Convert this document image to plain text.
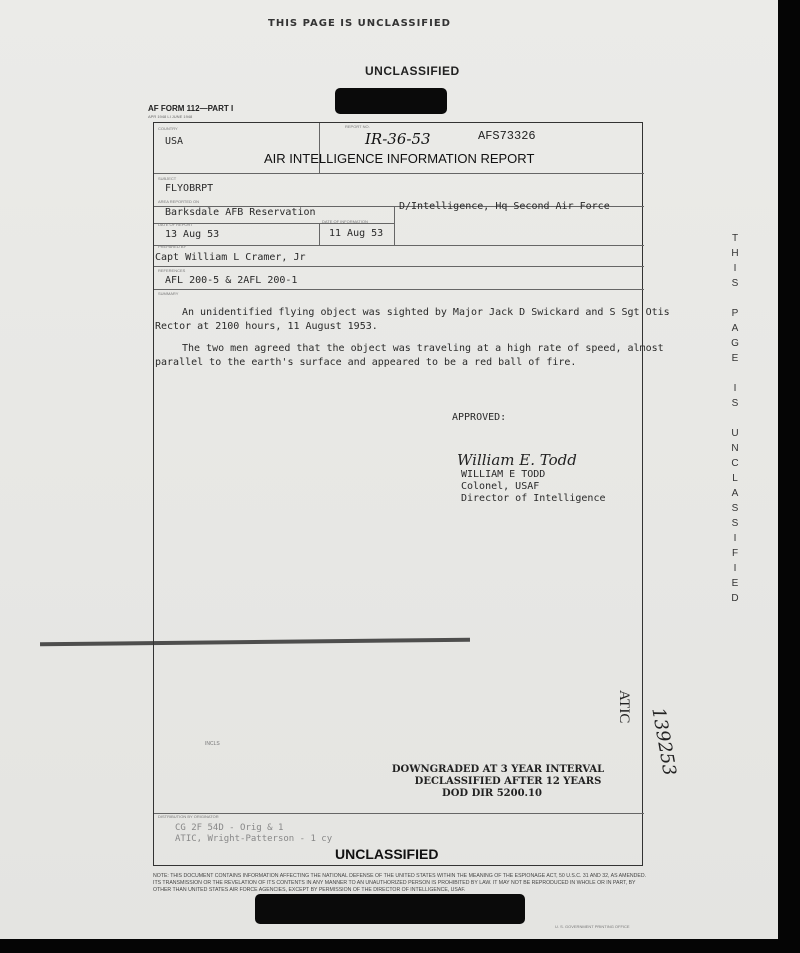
THIS PAGE IS UNCLASSIFIED
UNCLASSIFIED
AF FORM 112—PART I
APR 1948 LI JUNE 1948
COUNTRY
USA
REPORT NO.
IR-36-53	AFS73326
AIR INTELLIGENCE INFORMATION REPORT
SUBJECT
FLYOBRPT
AREA REPORTED ON
Barksdale AFB Reservation
D/Intelligence, Hq Second Air Force
DATE OF REPORT
13 Aug 53
DATE OF INFORMATION
11 Aug 53
PREPARED BY
Capt William L Cramer, Jr
REFERENCES
AFL 200-5 & 2AFL 200-1
SUMMARY
An unidentified flying object was sighted by Major Jack D Swickard and S Sgt Otis
Rector at 2100 hours, 11 August 1953.
The two men agreed that the object was traveling at a high rate of speed, almost
parallel to the earth's surface and appeared to be a red ball of fire.
APPROVED:
William E. Todd
WILLIAM E TODD
Colonel, USAF
Director of Intelligence
INCLS
DOWNGRADED AT 3 YEAR INTERVAL
DECLASSIFIED AFTER 12 YEARS
DOD DIR 5200.10
DISTRIBUTION BY ORIGINATOR
CG 2F 54D - Orig & 1
ATIC, Wright-Patterson - 1 cy
UNCLASSIFIED
NOTE: THIS DOCUMENT CONTAINS INFORMATION AFFECTING THE NATIONAL DEFENSE OF THE UNITED STATES WITHIN THE MEANING OF THE ESPIONAGE ACT, 50 U.S.C. 31 AND 32, AS AMENDED. ITS TRANSMISSION OR THE REVELATION OF ITS CONTENTS IN ANY MANNER TO AN UNAUTHORIZED PERSON IS PROHIBITED BY LAW. IT MAY NOT BE REPRODUCED IN WHOLE OR IN PART, BY OTHER THAN UNITED STATES AIR FORCE AGENCIES, EXCEPT BY PERMISSION OF THE DIRECTOR OF INTELLIGENCE, USAF.
U. S. GOVERNMENT PRINTING OFFICE
T
H
I
S

P
A
G
E

I
S

U
N
C
L
A
S
S
I
F
I
E
D
ATIC 139253
